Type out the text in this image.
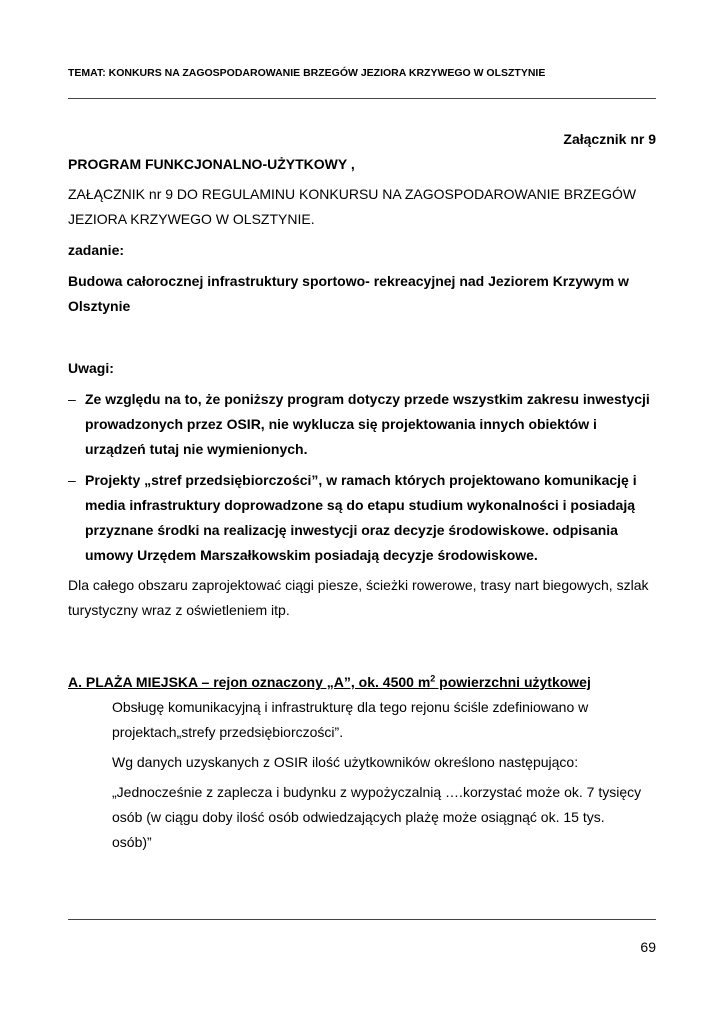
TEMAT: KONKURS NA ZAGOSPODAROWANIE BRZEGÓW JEZIORA KRZYWEGO W OLSZTYNIE
Załącznik nr 9

PROGRAM FUNKCJONALNO-UŻYTKOWY ,

ZAŁĄCZNIK nr 9 DO REGULAMINU KONKURSU NA ZAGOSPODAROWANIE BRZEGÓW JEZIORA KRZYWEGO W OLSZTYNIE.

zadanie:

Budowa całorocznej infrastruktury sportowo- rekreacyjnej nad Jeziorem Krzywym w Olsztynie

Uwagi:

– Ze względu na to, że poniższy program dotyczy przede wszystkim zakresu inwestycji prowadzonych przez OSIR, nie wyklucza się projektowania innych obiektów i urządzeń tutaj nie wymienionych.

– Projekty „stref przedsiębiorczości”, w ramach których projektowano komunikację i media infrastruktury doprowadzone są do etapu studium wykonalności i posiadają przyznane środki na realizację inwestycji oraz decyzje środowiskowe. odpisania umowy Urzędem Marszałkowskim posiadają decyzje środowiskowe.

Dla całego obszaru zaprojektować ciągi piesze, ścieżki rowerowe, trasy nart biegowych, szlak turystyczny wraz z oświetleniem itp.

A. PLAŻA MIEJSKA – rejon oznaczony „A”, ok. 4500 $m^2$ powierzchni użytkowej

Obsługę komunikacyjną i infrastrukturę dla tego rejonu ściśle zdefiniowano w projektach„strefy przedsiębiorczości”.

Wg danych uzyskanych z OSIR ilość użytkowników określono następująco:

„Jednocześnie z zaplecza i budynku z wypożyczalnią ….korzystać może ok. 7 tysięcy osób (w ciągu doby ilość osób odwiedzających plażę może osiągnąć ok. 15 tys. osób)”

69
